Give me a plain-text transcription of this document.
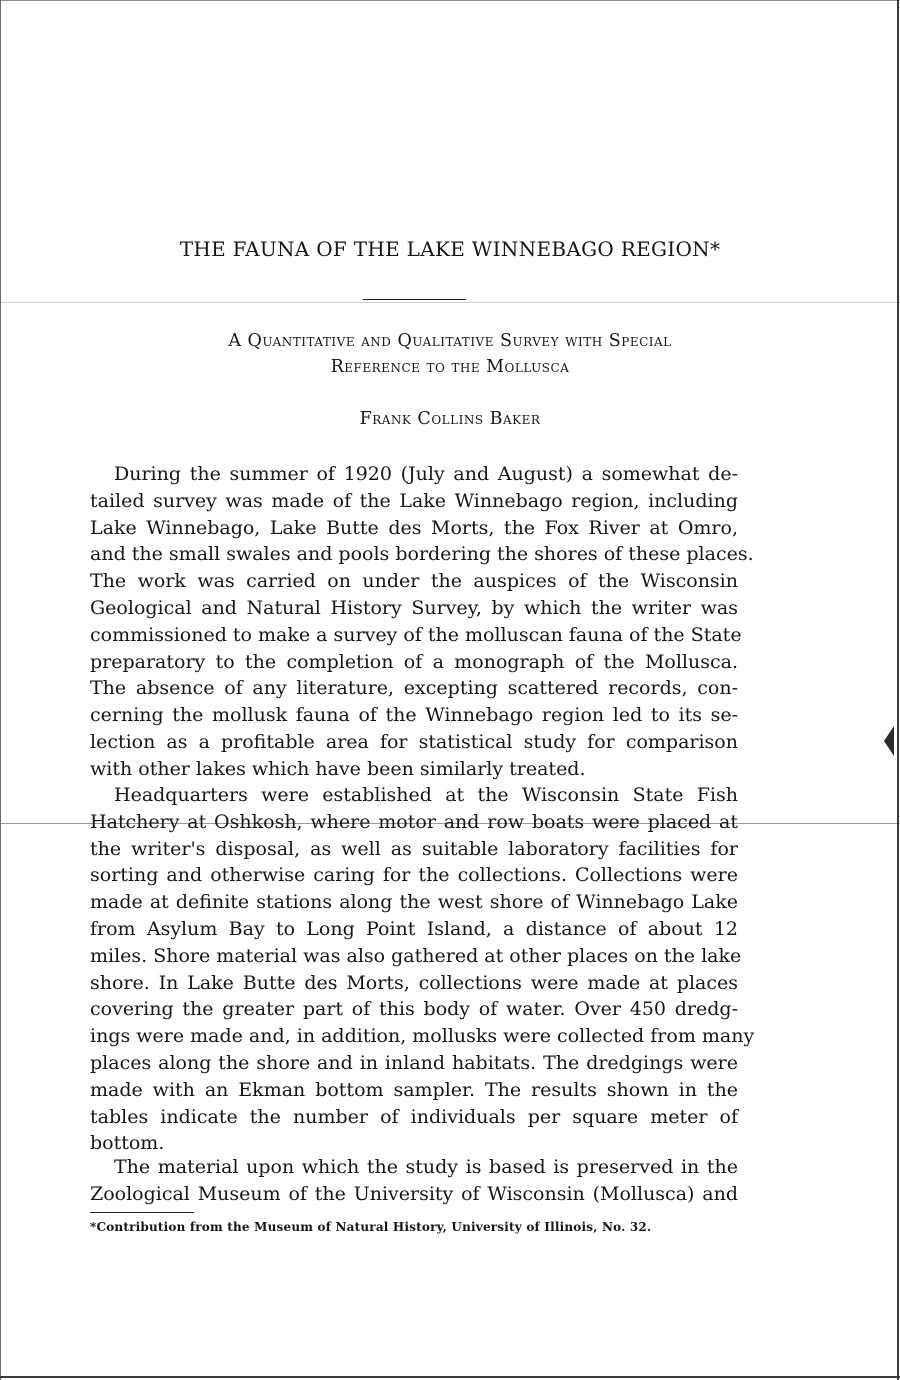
THE FAUNA OF THE LAKE WINNEBAGO REGION*

A Quantitative and Qualitative Survey with Special
Reference to the Mollusca

Frank Collins Baker

During the summer of 1920 (July and August) a somewhat de-
tailed survey was made of the Lake Winnebago region, including
Lake Winnebago, Lake Butte des Morts, the Fox River at Omro,
and the small swales and pools bordering the shores of these places.
The work was carried on under the auspices of the Wisconsin
Geological and Natural History Survey, by which the writer was
commissioned to make a survey of the molluscan fauna of the State
preparatory to the completion of a monograph of the Mollusca.
The absence of any literature, excepting scattered records, con-
cerning the mollusk fauna of the Winnebago region led to its se-
lection as a profitable area for statistical study for comparison
with other lakes which have been similarly treated.

Headquarters were established at the Wisconsin State Fish
Hatchery at Oshkosh, where motor and row boats were placed at
the writer's disposal, as well as suitable laboratory facilities for
sorting and otherwise caring for the collections. Collections were
made at definite stations along the west shore of Winnebago Lake
from Asylum Bay to Long Point Island, a distance of about 12
miles. Shore material was also gathered at other places on the lake
shore. In Lake Butte des Morts, collections were made at places
covering the greater part of this body of water. Over 450 dredg-
ings were made and, in addition, mollusks were collected from many
places along the shore and in inland habitats. The dredgings were
made with an Ekman bottom sampler. The results shown in the
tables indicate the number of individuals per square meter of
bottom.

The material upon which the study is based is preserved in the
Zoological Museum of the University of Wisconsin (Mollusca) and

*Contribution from the Museum of Natural History, University of Illinois, No. 32.
